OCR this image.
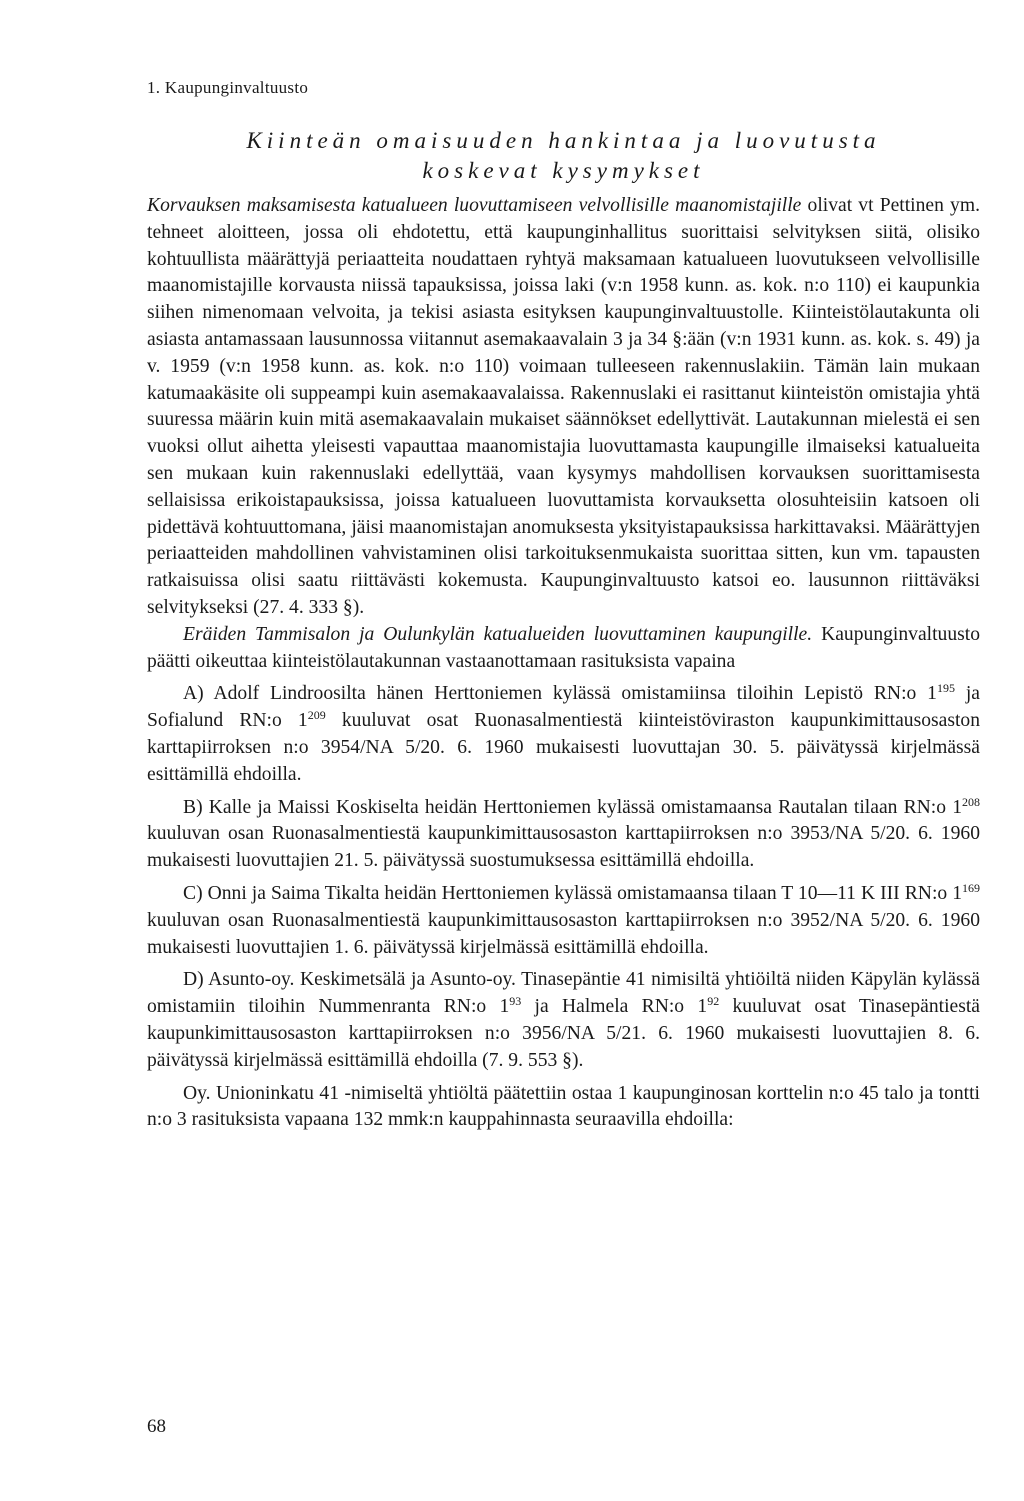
1. Kaupunginvaltuusto
Kiinteän omaisuuden hankintaa ja luovutusta
koskevat kysymykset

Korvauksen maksamisesta katualueen luovuttamiseen velvollisille maanomistajille olivat vt Pettinen ym. tehneet aloitteen, jossa oli ehdotettu, että kaupunginhallitus suorittaisi selvityksen siitä, olisiko kohtuullista määrättyjä periaatteita noudattaen ryhtyä maksamaan katualueen luovutukseen velvollisille maanomistajille korvausta niissä tapauksissa, joissa laki (v:n 1958 kunn. as. kok. n:o 110) ei kaupunkia siihen nimenomaan velvoita, ja tekisi asiasta esityksen kaupunginvaltuustolle. Kiinteistölautakunta oli asiasta antamassaan lausunnossa viitannut asemakaavalain 3 ja 34 §:ään (v:n 1931 kunn. as. kok. s. 49) ja v. 1959 (v:n 1958 kunn. as. kok. n:o 110) voimaan tulleeseen rakennuslakiin. Tämän lain mukaan katumaakäsite oli suppeampi kuin asemakaavalaissa. Rakennuslaki ei rasittanut kiinteistön omistajia yhtä suuressa määrin kuin mitä asemakaavalain mukaiset säännökset edellyttivät. Lautakunnan mielestä ei sen vuoksi ollut aihetta yleisesti vapauttaa maanomistajia luovuttamasta kaupungille ilmaiseksi katualueita sen mukaan kuin rakennuslaki edellyttää, vaan kysymys mahdollisen korvauksen suorittamisesta sellaisissa erikoistapauksissa, joissa katualueen luovuttamista korvauksetta olosuhteisiin katsoen oli pidettävä kohtuuttomana, jäisi maanomistajan anomuksesta yksityistapauksissa harkittavaksi. Määrättyjen periaatteiden mahdollinen vahvistaminen olisi tarkoituksenmukaista suorittaa sitten, kun vm. tapausten ratkaisuissa olisi saatu riittävästi kokemusta. Kaupunginvaltuusto katsoi eo. lausunnon riittäväksi selvitykseksi (27. 4. 333 §).

Eräiden Tammisalon ja Oulunkylän katualueiden luovuttaminen kaupungille. Kaupunginvaltuusto päätti oikeuttaa kiinteistölautakunnan vastaanottamaan rasituksista vapaina

A) Adolf Lindroosilta hänen Herttoniemen kylässä omistamiinsa tiloihin Lepistö RN:o $1^{195}$ ja Sofialund RN:o $1^{209}$ kuuluvat osat Ruonasalmentiestä kiinteistöviraston kaupunkimittausosaston karttapiirroksen n:o 3954/NA 5/20. 6. 1960 mukaisesti luovuttajan 30. 5. päivätyssä kirjelmässä esittämillä ehdoilla.

B) Kalle ja Maissi Koskiselta heidän Herttoniemen kylässä omistamaansa Rautalan tilaan RN:o $1^{208}$ kuuluvan osan Ruonasalmentiestä kaupunkimittausosaston karttapiirroksen n:o 3953/NA 5/20. 6. 1960 mukaisesti luovuttajien 21. 5. päivätyssä suostumuksessa esittämillä ehdoilla.

C) Onni ja Saima Tikalta heidän Herttoniemen kylässä omistamaansa tilaan T 10—11 K III RN:o $1^{169}$ kuuluvan osan Ruonasalmentiestä kaupunkimittausosaston karttapiirroksen n:o 3952/NA 5/20. 6. 1960 mukaisesti luovuttajien 1. 6. päivätyssä kirjelmässä esittämillä ehdoilla.

D) Asunto-oy. Keskimetsälä ja Asunto-oy. Tinasepäntie 41 nimisiltä yhtiöiltä niiden Käpylän kylässä omistamiin tiloihin Nummenranta RN:o $1^{93}$ ja Halmela RN:o $1^{92}$ kuuluvat osat Tinasepäntiestä kaupunkimittausosaston karttapiirroksen n:o 3956/NA 5/21. 6. 1960 mukaisesti luovuttajien 8. 6. päivätyssä kirjelmässä esittämillä ehdoilla (7. 9. 553 §).

Oy. Unioninkatu 41 -nimiseltä yhtiöltä päätettiin ostaa 1 kaupunginosan korttelin n:o 45 talo ja tontti n:o 3 rasituksista vapaana 132 mmk:n kauppahinnasta seuraavilla ehdoilla:

68
